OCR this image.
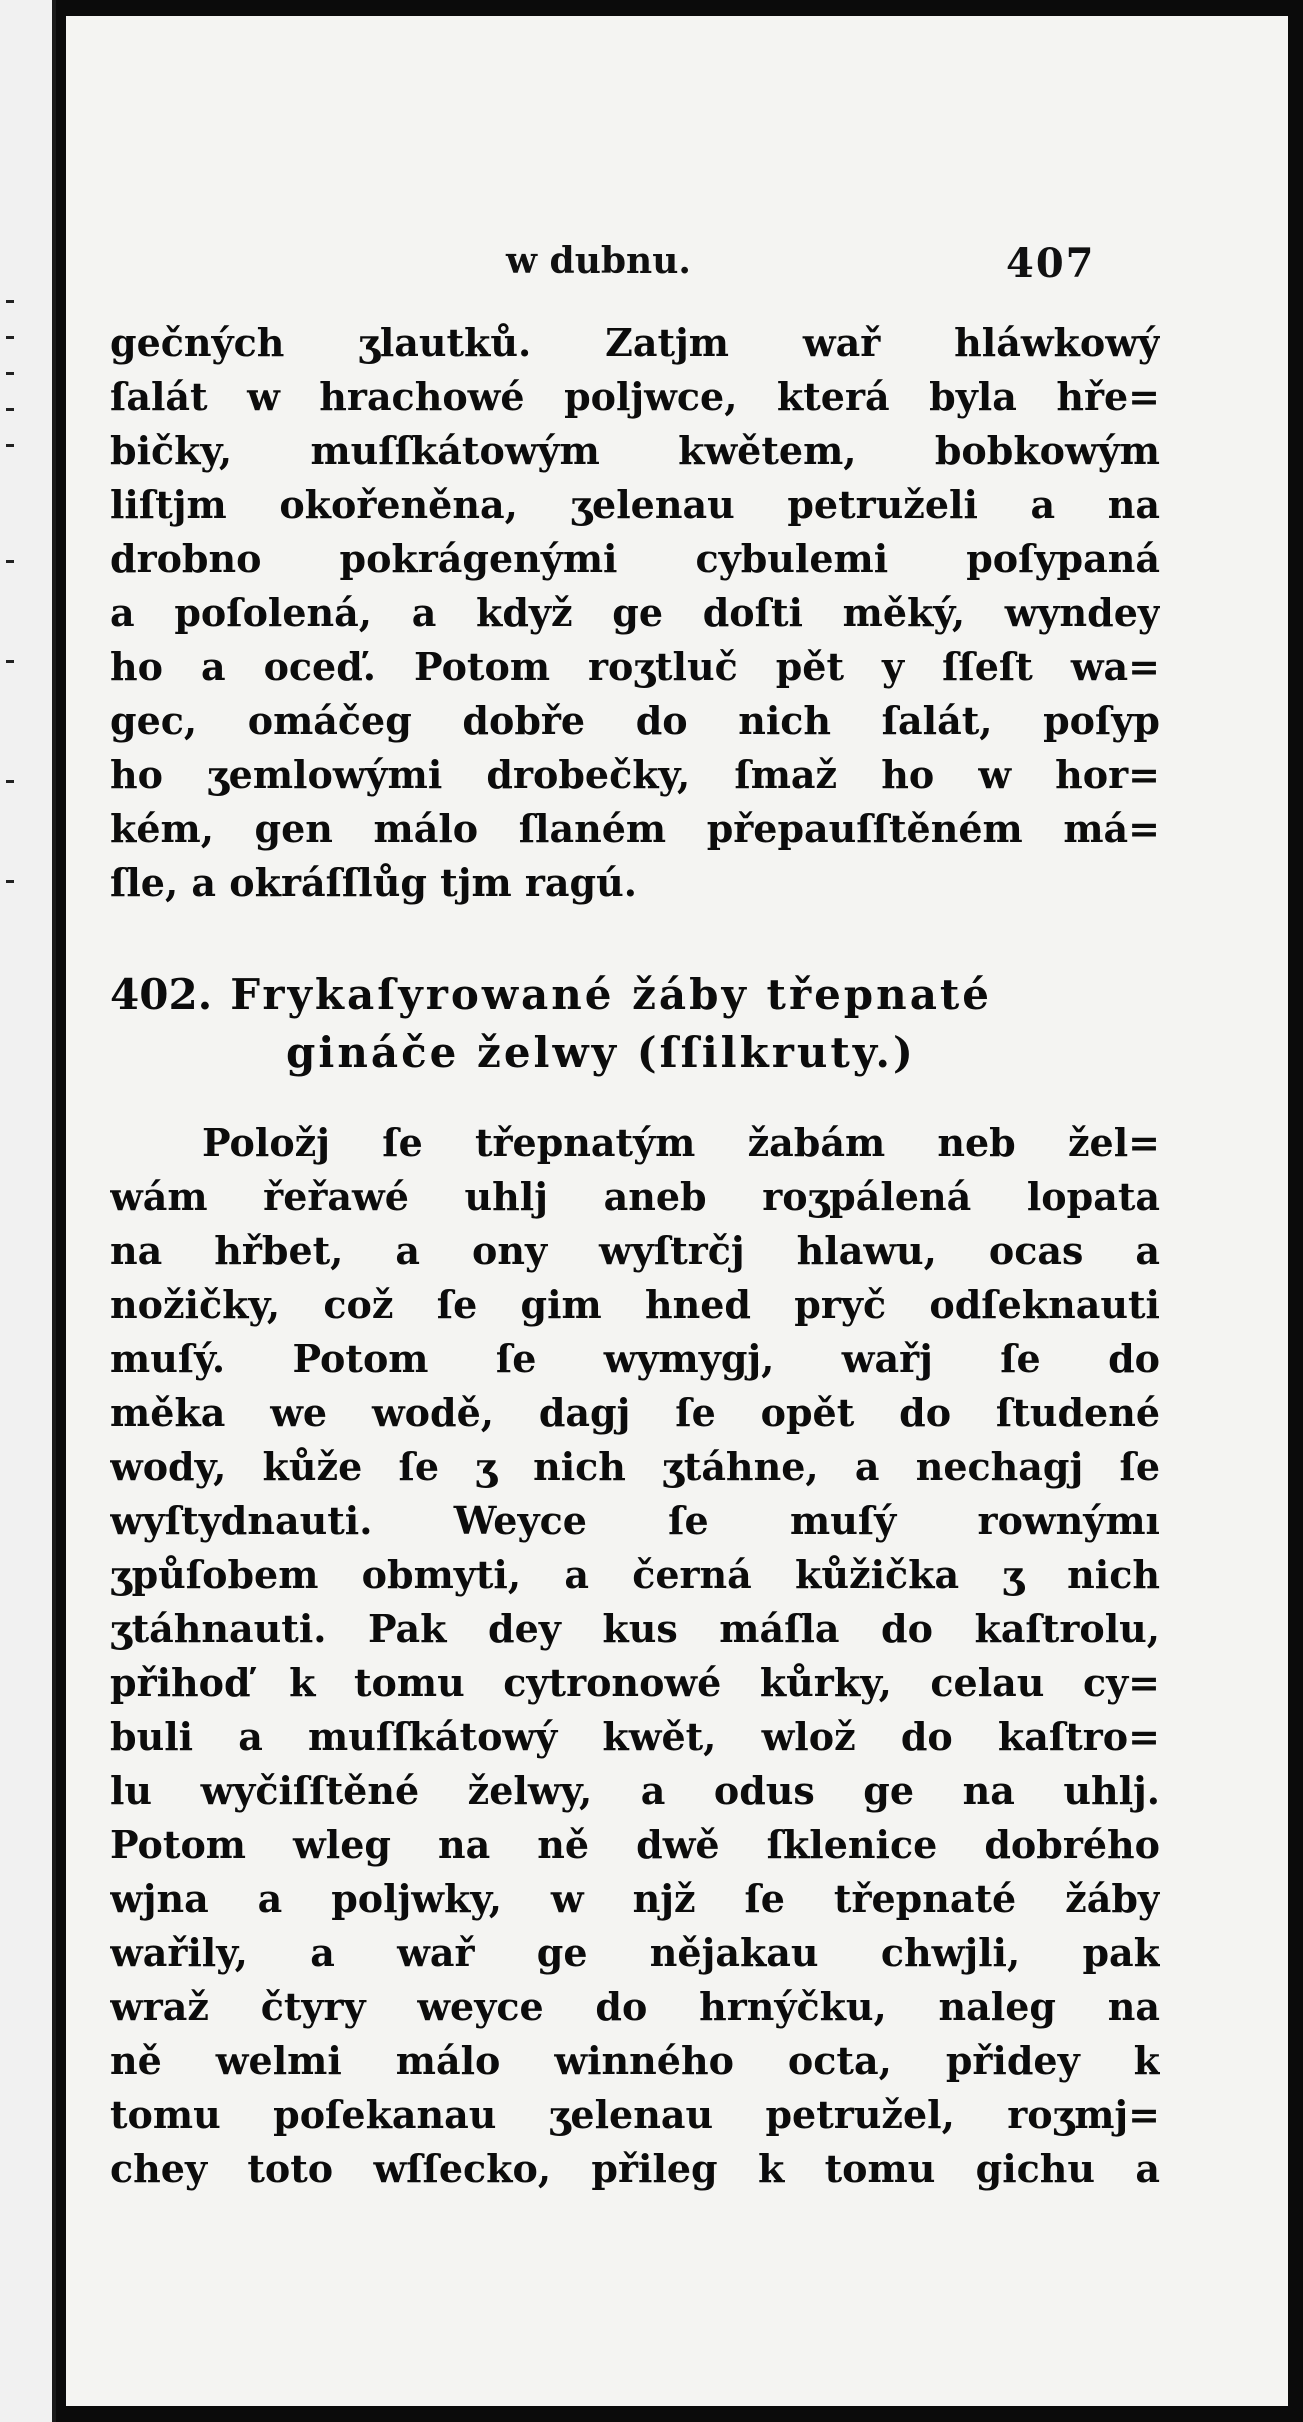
w dubnu.	407
gečných ʒlautků. Zatjm wař hláwkowý
ſalát w hrachowé poljwce, která byla hře=
bičky, muſſkátowým kwětem, bobkowým
liſtjm okořeněna, ʒelenau petruželi a na
drobno pokrágenými cybulemi poſypaná
a poſolená, a když ge doſti měký, wyndey
ho a oceď. Potom roʒtluč pět y ſſeſt wa=
gec, omáčeg dobře do nich ſalát, poſyp
ho ʒemlowými drobečky, ſmaž ho w hor=
kém, gen málo ſlaném přepauſſtěném má=
ſle, a okráſſlůg tjm ragú.
402. Frykaſyrowané žáby třepnaté
gináče želwy (ſſilkruty.)
Položj ſe třepnatým žabám neb žel=
wám řeřawé uhlj aneb roʒpálená lopata
na hřbet, a ony wyſtrčj hlawu, ocas a
nožičky, což ſe gim hned pryč odſeknauti
muſý. Potom ſe wymygj, wařj ſe do
měka we wodě, dagj ſe opět do ſtudené
wody, kůže ſe ʒ nich ʒtáhne, a nechagj ſe
wyſtydnauti. Weyce ſe muſý rownýmı
ʒpůſobem obmyti, a černá kůžička ʒ nich
ʒtáhnauti. Pak dey kus máſla do kaſtrolu,
přihoď k tomu cytronowé kůrky, celau cy=
buli a muſſkátowý kwět, wlož do kaſtro=
lu wyčiſſtěné želwy, a odus ge na uhlj.
Potom wleg na ně dwě ſklenice dobrého
wjna a poljwky, w njž ſe třepnaté žáby
wařily, a wař ge nějakau chwjli, pak
wraž čtyry weyce do hrnýčku, naleg na
ně welmi málo winného octa, přidey k
tomu poſekanau ʒelenau petružel, roʒmj=
chey toto wſſecko, přileg k tomu gichu a
